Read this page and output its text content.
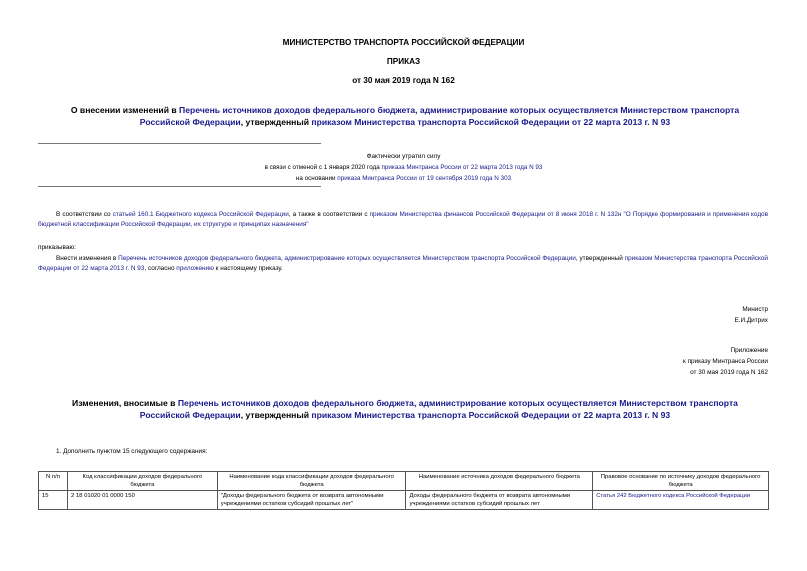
МИНИСТЕРСТВО ТРАНСПОРТА РОССИЙСКОЙ ФЕДЕРАЦИИ
ПРИКАЗ
от 30 мая 2019 года N 162
О внесении изменений в Перечень источников доходов федерального бюджета, администрирование которых осуществляется Министерством транспорта Российской Федерации, утвержденный приказом Министерства транспорта Российской Федерации от 22 марта 2013 г. N 93
Фактически утратил силу
в связи с отменой с 1 января 2020 года приказа Минтранса России от 22 марта 2013 года N 93
на основании приказа Минтранса России от 19 сентября 2019 года N 303
В соответствии со статьей 160.1 Бюджетного кодекса Российской Федерации, а также в соответствии с приказом Министерства финансов Российской Федерации от 8 июня 2018 г. N 132н "О Порядке формирования и применения кодов бюджетной классификации Российской Федерации, их структуре и принципах назначения"
приказываю:
Внести изменения в Перечень источников доходов федерального бюджета, администрирование которых осуществляется Министерством транспорта Российской Федерации, утвержденный приказом Министерства транспорта Российской Федерации от 22 марта 2013 г. N 93, согласно приложению к настоящему приказу.
Министр
Е.И.Дитрих
Приложение
к приказу Минтранса России
от 30 мая 2019 года N 162
Изменения, вносимые в Перечень источников доходов федерального бюджета, администрирование которых осуществляется Министерством транспорта Российской Федерации, утвержденный приказом Министерства транспорта Российской Федерации от 22 марта 2013 г. N 93
1. Дополнить пунктом 15 следующего содержания:
N п/п	Код классификации доходов федерального бюджета	Наименование кода классификации доходов федерального бюджета	Наименование источника доходов федерального бюджета	Правовое основание по источнику доходов федерального бюджета
15	2 18 01020 01 0000 150	"Доходы федерального бюджета от возврата автономными учреждениями остатков субсидий прошлых лет"	Доходы федерального бюджета от возврата автономными учреждениями остатков субсидий прошлых лет	Статья 242 Бюджетного кодекса Российской Федерации
